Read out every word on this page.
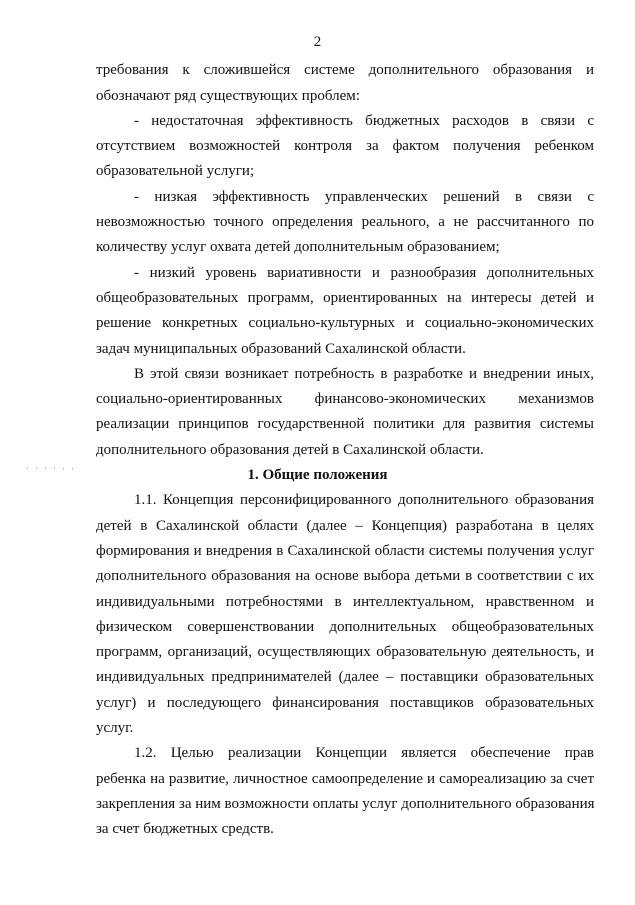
2
. . . . . .
требования к сложившейся системе дополнительного образования и
обозначают ряд существующих проблем:
- недостаточная эффективность бюджетных расходов в связи с
отсутствием возможностей контроля за фактом получения ребенком
образовательной услуги;
- низкая эффективность управленческих решений в связи с
невозможностью точного определения реального, а не рассчитанного по
количеству услуг охвата детей дополнительным образованием;
- низкий уровень вариативности и разнообразия дополнительных
общеобразовательных программ, ориентированных на интересы детей и
решение конкретных социально-культурных и социально-экономических
задач муниципальных образований Сахалинской области.
В этой связи возникает потребность в разработке и внедрении иных,
социально-ориентированных финансово-экономических механизмов
реализации принципов государственной политики для развития системы
дополнительного образования детей в Сахалинской области.
1. Общие положения
1.1. Концепция персонифицированного дополнительного образования
детей в Сахалинской области (далее – Концепция) разработана в целях
формирования и внедрения в Сахалинской области системы получения услуг
дополнительного образования на основе выбора детьми в соответствии с их
индивидуальными потребностями в интеллектуальном, нравственном и
физическом совершенствовании дополнительных общеобразовательных
программ, организаций, осуществляющих образовательную деятельность, и
индивидуальных предпринимателей (далее – поставщики образовательных
услуг) и последующего финансирования поставщиков образовательных
услуг.
1.2. Целью реализации Концепции является обеспечение прав
ребенка на развитие, личностное самоопределение и самореализацию за счет
закрепления за ним возможности оплаты услуг дополнительного образования
за счет бюджетных средств.
